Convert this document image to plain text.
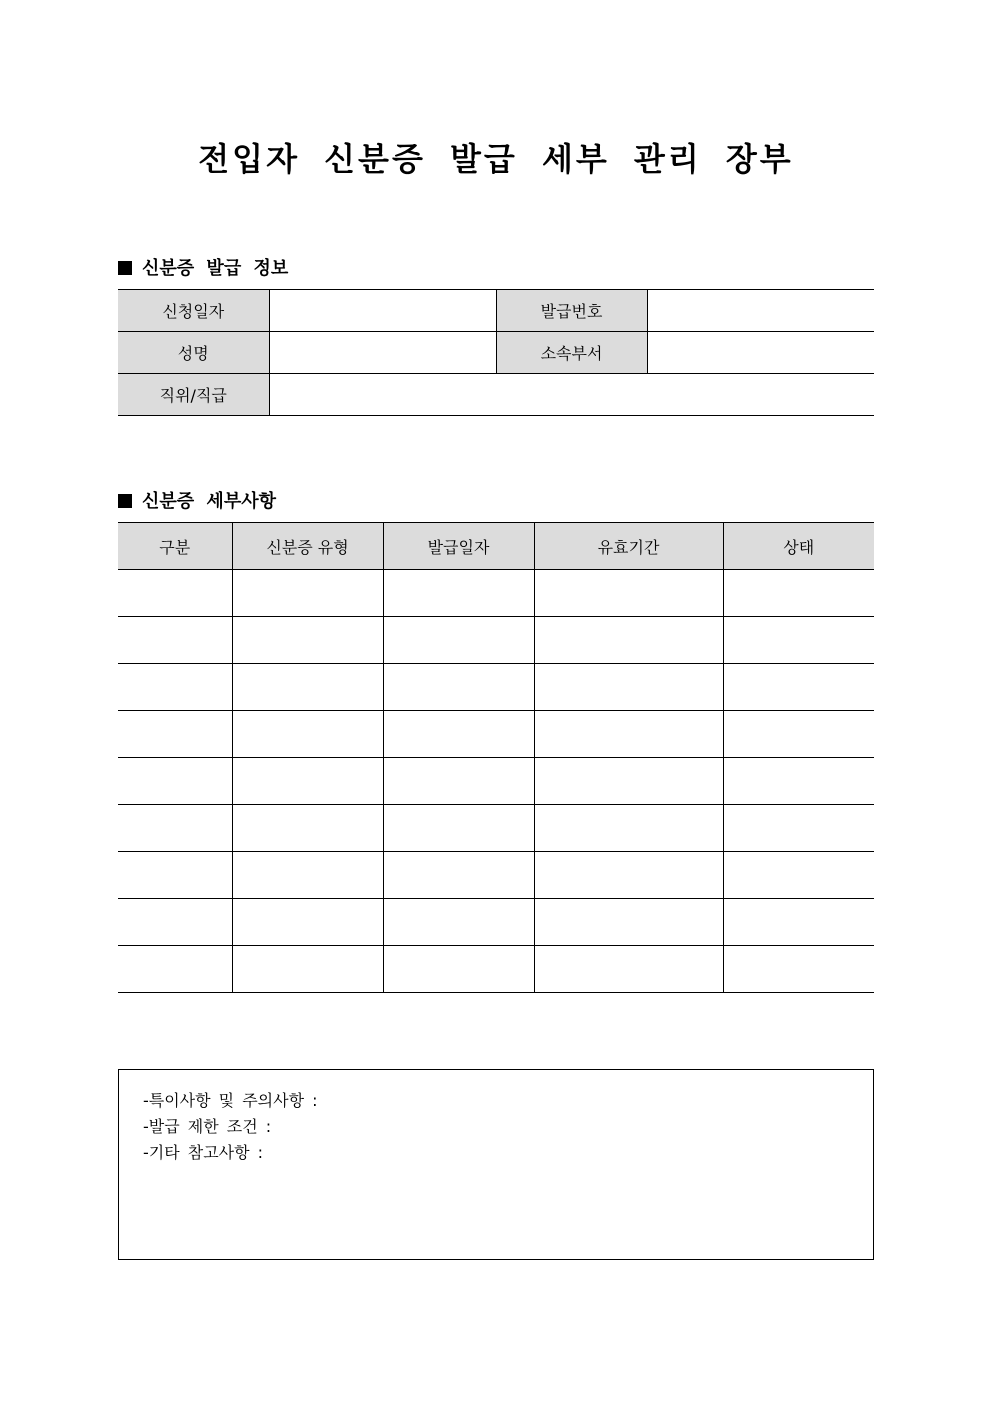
전입자 신분증 발급 세부 관리 장부
신분증 발급 정보
신청일자		발급번호	
성명		소속부서	
직위/직급			
신분증 세부사항
구분	신분증 유형	발급일자	유효기간	상태

-특이사항 및 주의사항 :
-발급 제한 조건 :
-기타 참고사항 :
